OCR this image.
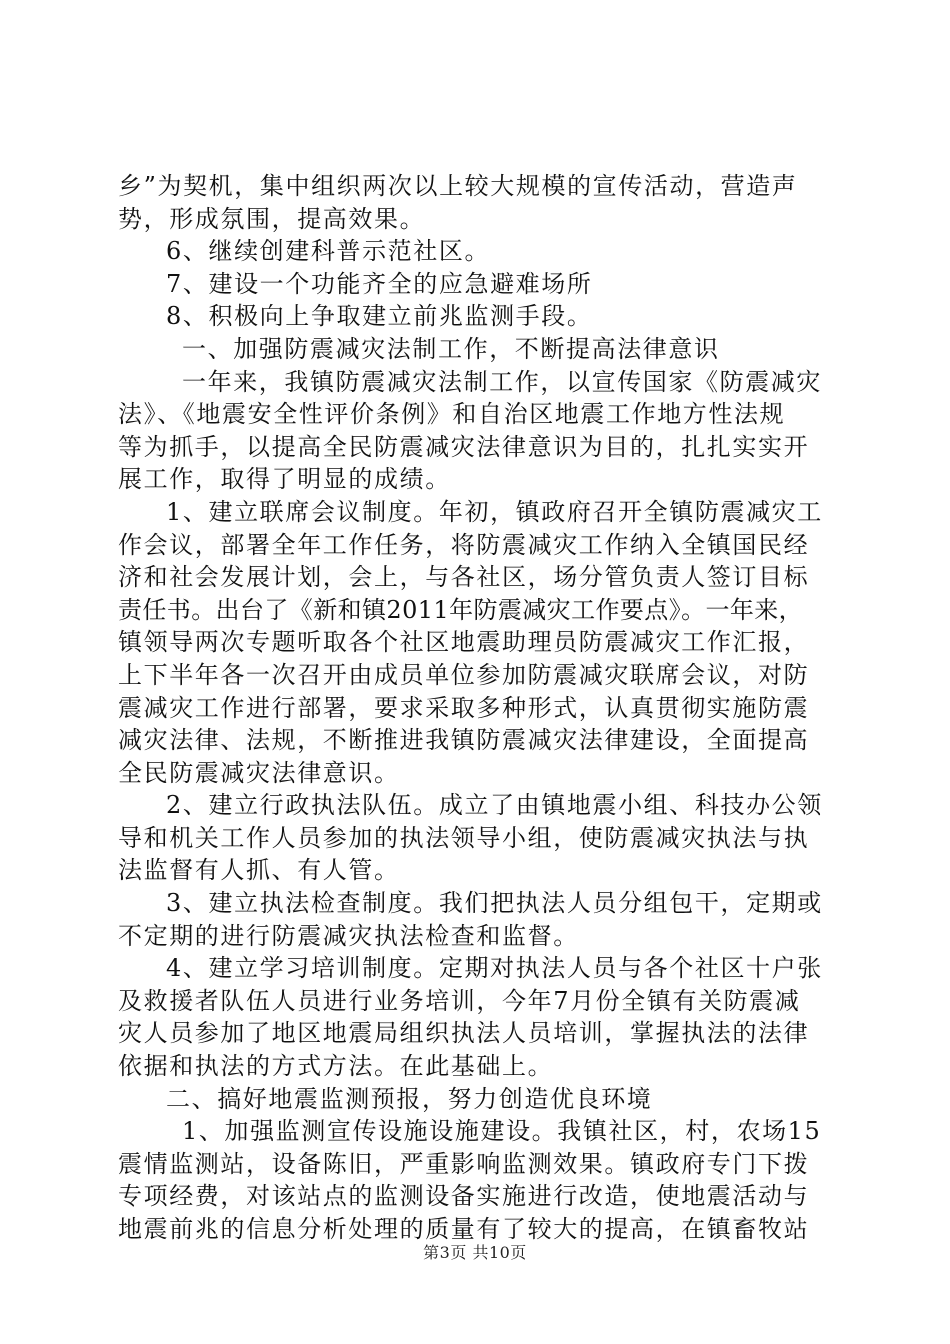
乡”为契机，集中组织两次以上较大规模的宣传活动，营造声
势，形成氛围，提高效果。
6、继续创建科普示范社区。
7、建设一个功能齐全的应急避难场所
8、积极向上争取建立前兆监测手段。
一、加强防震减灾法制工作，不断提高法律意识
一年来，我镇防震减灾法制工作，以宣传国家《防震减灾
法》、《地震安全性评价条例》和自治区地震工作地方性法规
等为抓手，以提高全民防震减灾法律意识为目的，扎扎实实开
展工作，取得了明显的成绩。
1、建立联席会议制度。年初，镇政府召开全镇防震减灾工
作会议，部署全年工作任务，将防震减灾工作纳入全镇国民经
济和社会发展计划，会上，与各社区，场分管负责人签订目标
责任书。出台了《新和镇2011年防震减灾工作要点》。一年来，
镇领导两次专题听取各个社区地震助理员防震减灾工作汇报，
上下半年各一次召开由成员单位参加防震减灾联席会议，对防
震减灾工作进行部署，要求采取多种形式，认真贯彻实施防震
减灾法律、法规，不断推进我镇防震减灾法律建设，全面提高
全民防震减灾法律意识。
2、建立行政执法队伍。成立了由镇地震小组、科技办公领
导和机关工作人员参加的执法领导小组，使防震减灾执法与执
法监督有人抓、有人管。
3、建立执法检查制度。我们把执法人员分组包干，定期或
不定期的进行防震减灾执法检查和监督。
4、建立学习培训制度。定期对执法人员与各个社区十户张
及救援者队伍人员进行业务培训，今年7月份全镇有关防震减
灾人员参加了地区地震局组织执法人员培训，掌握执法的法律
依据和执法的方式方法。在此基础上。
二、搞好地震监测预报，努力创造优良环境
1、加强监测宣传设施设施建设。我镇社区，村，农场15
震情监测站，设备陈旧，严重影响监测效果。镇政府专门下拨
专项经费，对该站点的监测设备实施进行改造，使地震活动与
地震前兆的信息分析处理的质量有了较大的提高，在镇畜牧站
第3页 共10页
